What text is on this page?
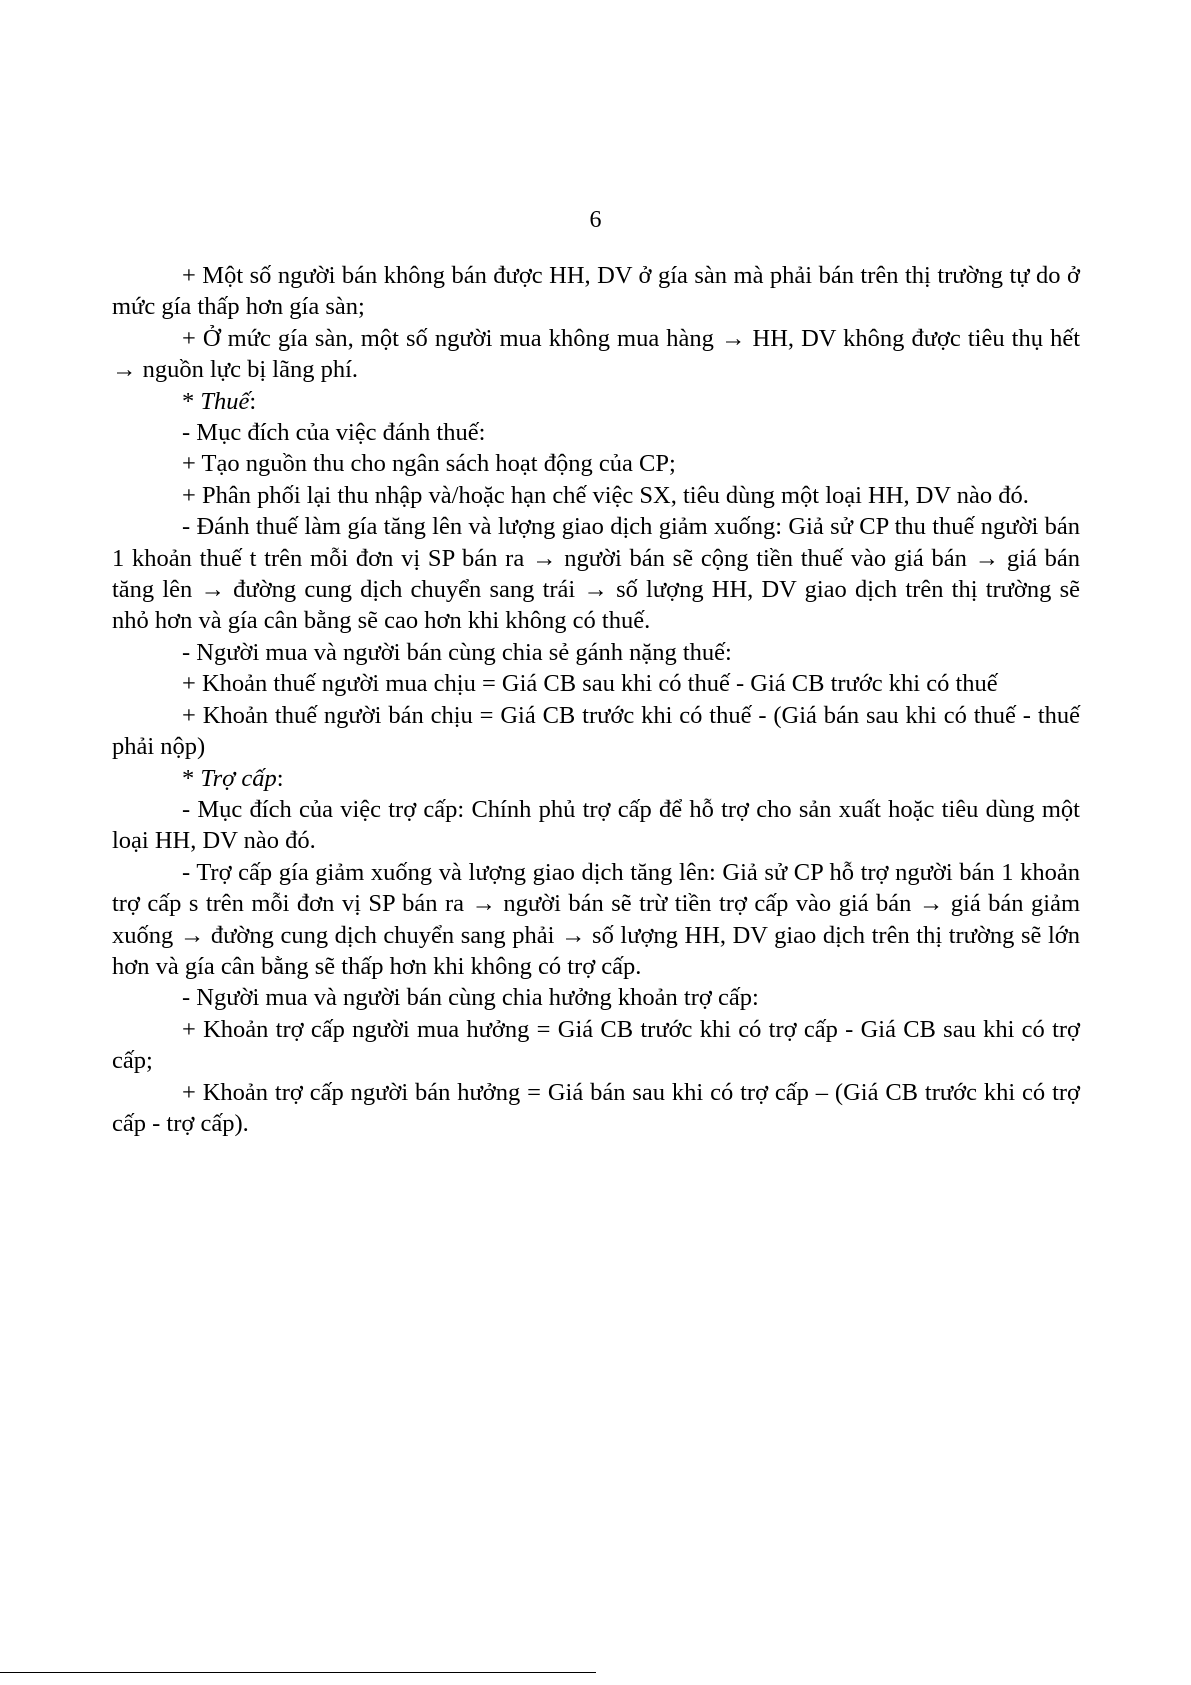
6

+ Một số người bán không bán được HH, DV ở gía sàn mà phải bán trên thị trường tự do ở mức gía thấp hơn gía sàn;

+ Ở mức gía sàn, một số người mua không mua hàng → HH, DV không được tiêu thụ hết → nguồn lực bị lãng phí.

* Thuế:

- Mục đích của việc đánh thuế:

+ Tạo nguồn thu cho ngân sách hoạt động của CP;

+ Phân phối lại thu nhập và/hoặc hạn chế việc SX, tiêu dùng một loại HH, DV nào đó.

- Đánh thuế làm gía tăng lên và lượng giao dịch giảm xuống: Giả sử CP thu thuế người bán 1 khoản thuế t trên mỗi đơn vị SP bán ra → người bán sẽ cộng tiền thuế vào giá bán → giá bán tăng lên → đường cung dịch chuyển sang trái → số lượng HH, DV giao dịch trên thị trường sẽ nhỏ hơn và gía cân bằng sẽ cao hơn khi không có thuế.

- Người mua và người bán cùng chia sẻ gánh nặng thuế:

+ Khoản thuế người mua chịu = Giá CB sau khi có thuế - Giá CB trước khi có thuế

+ Khoản thuế người bán chịu = Giá CB trước khi có thuế - (Giá bán sau khi có thuế - thuế phải nộp)

* Trợ cấp:

- Mục đích của việc trợ cấp: Chính phủ trợ cấp để hỗ trợ cho sản xuất hoặc tiêu dùng một loại HH, DV nào đó.

- Trợ cấp gía giảm xuống và lượng giao dịch tăng lên: Giả sử CP hỗ trợ người bán 1 khoản trợ cấp s trên mỗi đơn vị SP bán ra → người bán sẽ trừ tiền trợ cấp vào giá bán → giá bán giảm xuống → đường cung dịch chuyển sang phải → số lượng HH, DV giao dịch trên thị trường sẽ lớn hơn và gía cân bằng sẽ thấp hơn khi không có trợ cấp.

- Người mua và người bán cùng chia hưởng khoản trợ cấp:

+ Khoản trợ cấp người mua hưởng = Giá CB trước khi có trợ cấp - Giá CB sau khi có trợ cấp;

+ Khoản trợ cấp người bán hưởng = Giá bán sau khi có trợ cấp – (Giá CB trước khi có trợ cấp - trợ cấp).
